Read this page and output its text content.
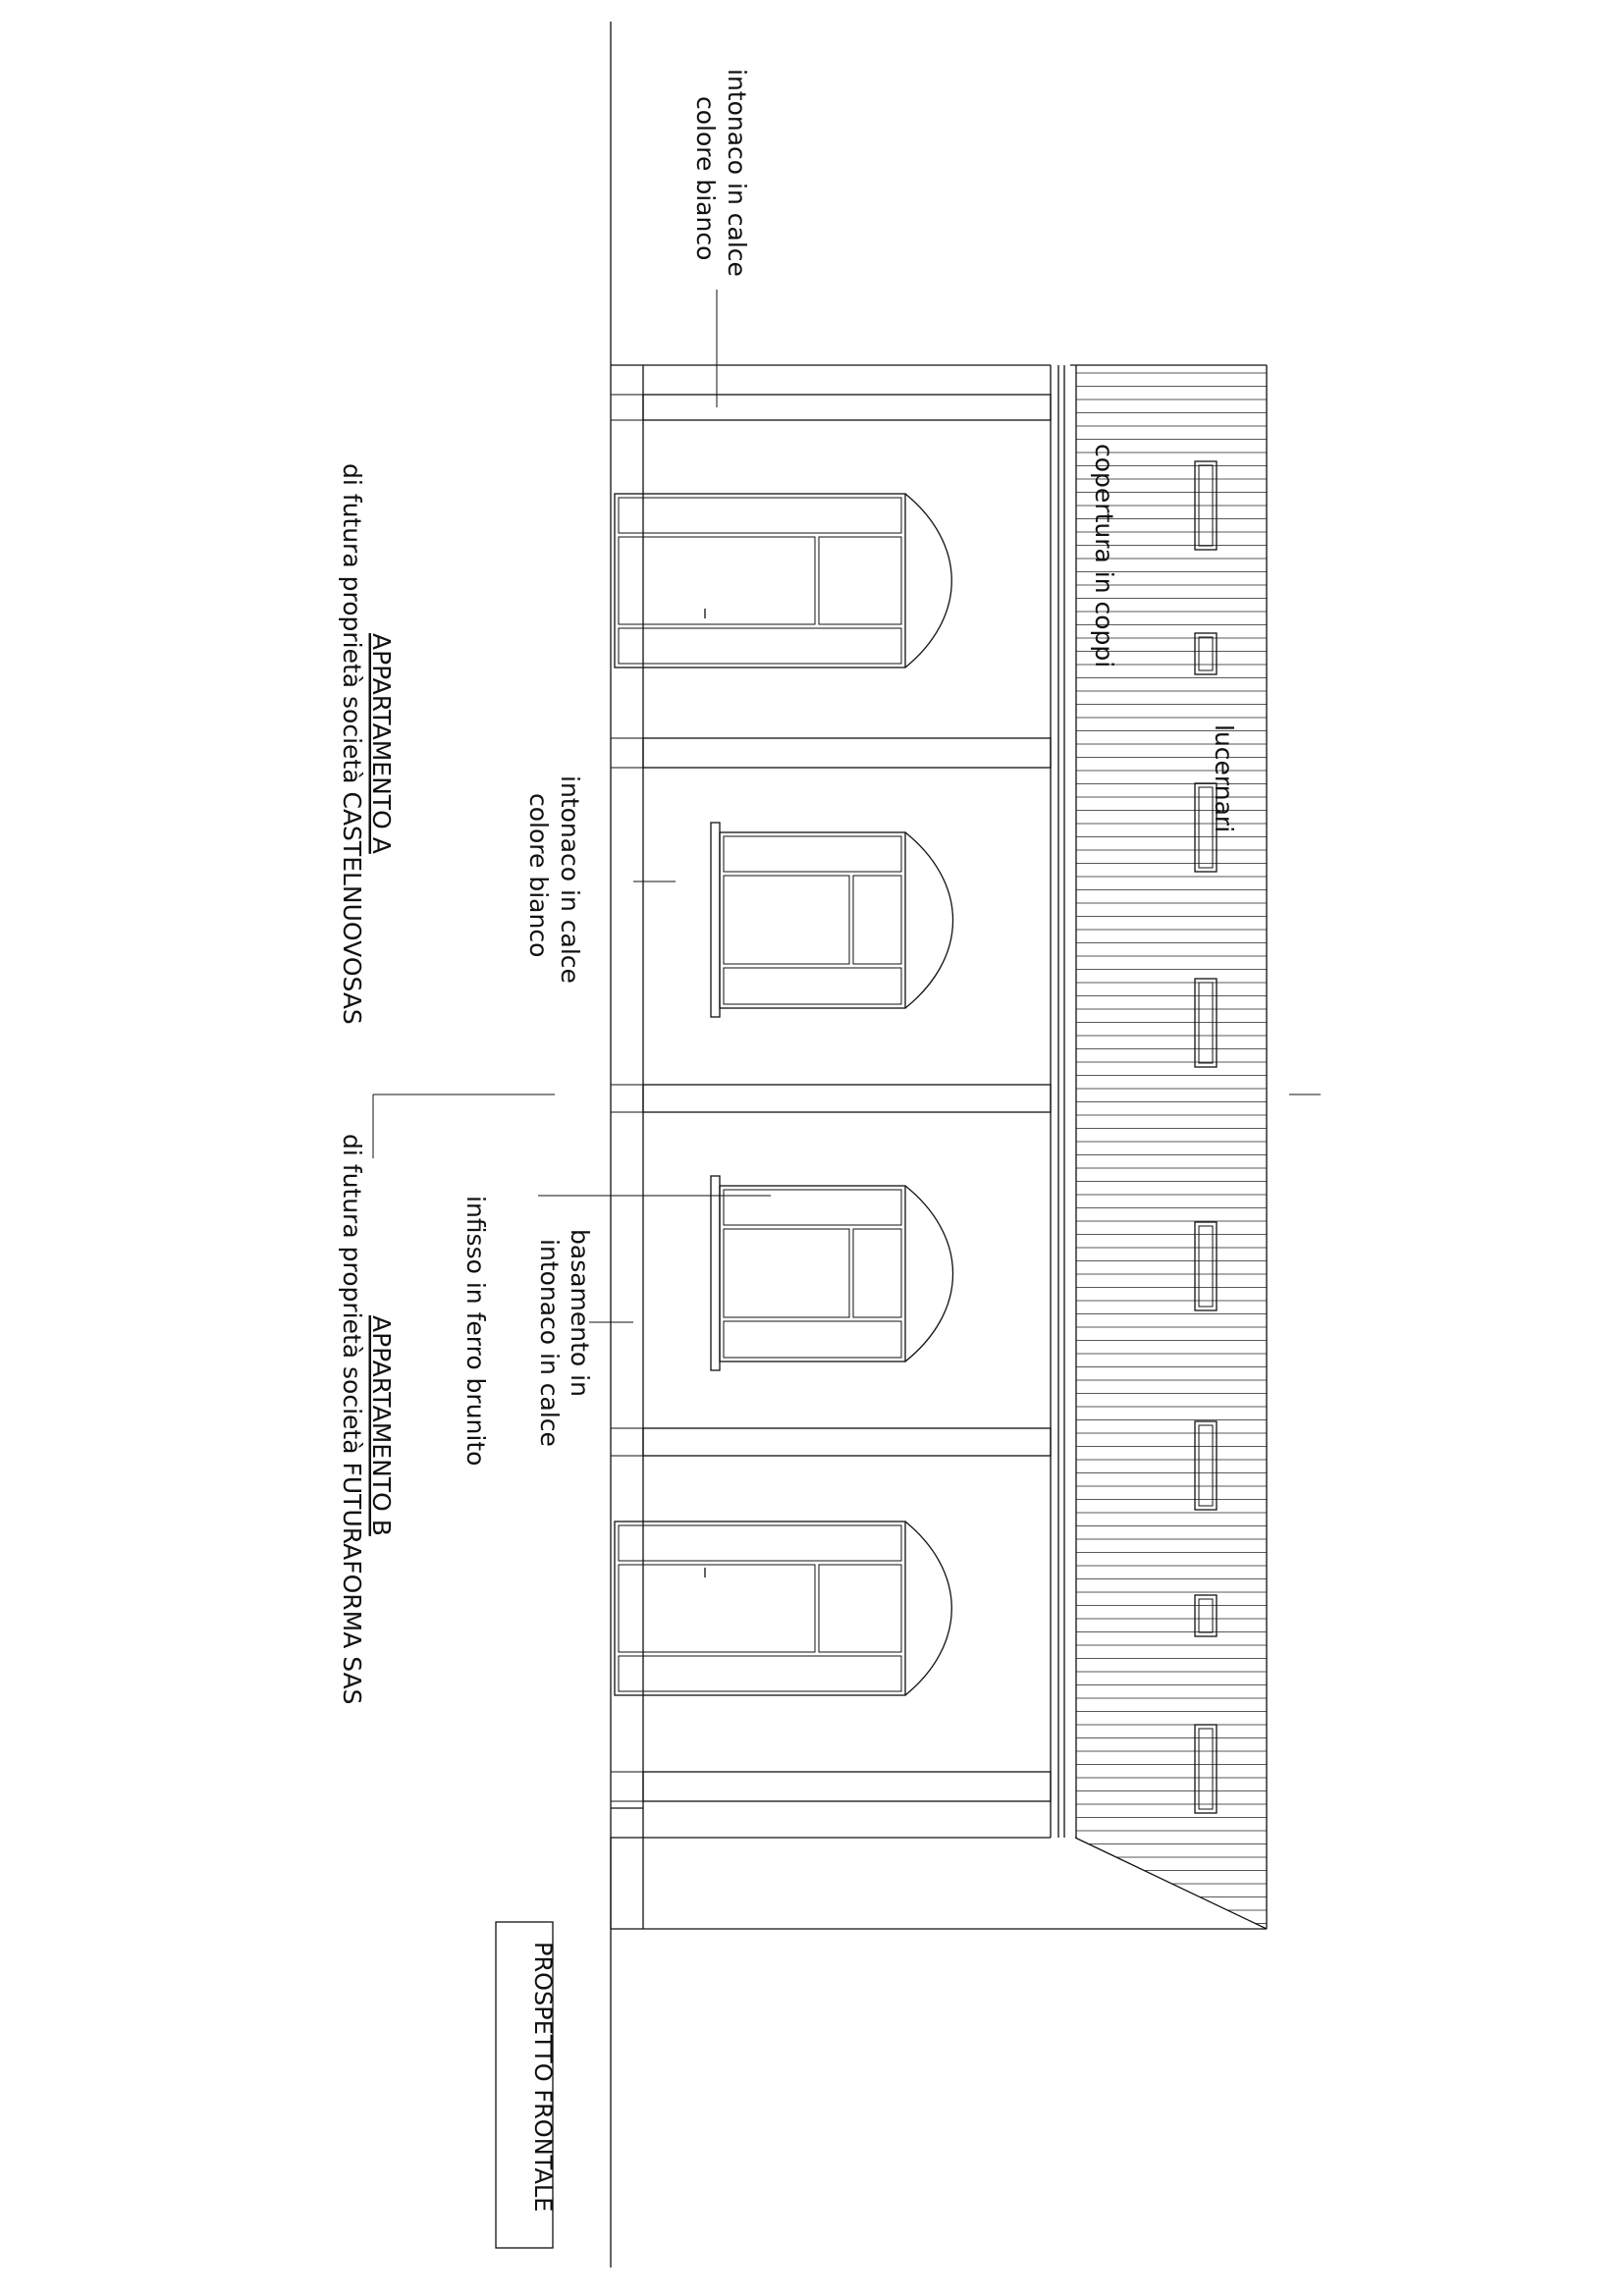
intonaco in calce
colore bianco
intonaco in calce
colore bianco
infisso in ferro brunito	basamento in
intonaco in calce
copertura in coppi
lucernari
APPARTAMENTO A
di futura proprietà società CASTELNUOVOSAS
APPARTAMENTO B
di futura proprietà società FUTURAFORMA SAS
PROSPETTO FRONTALE
